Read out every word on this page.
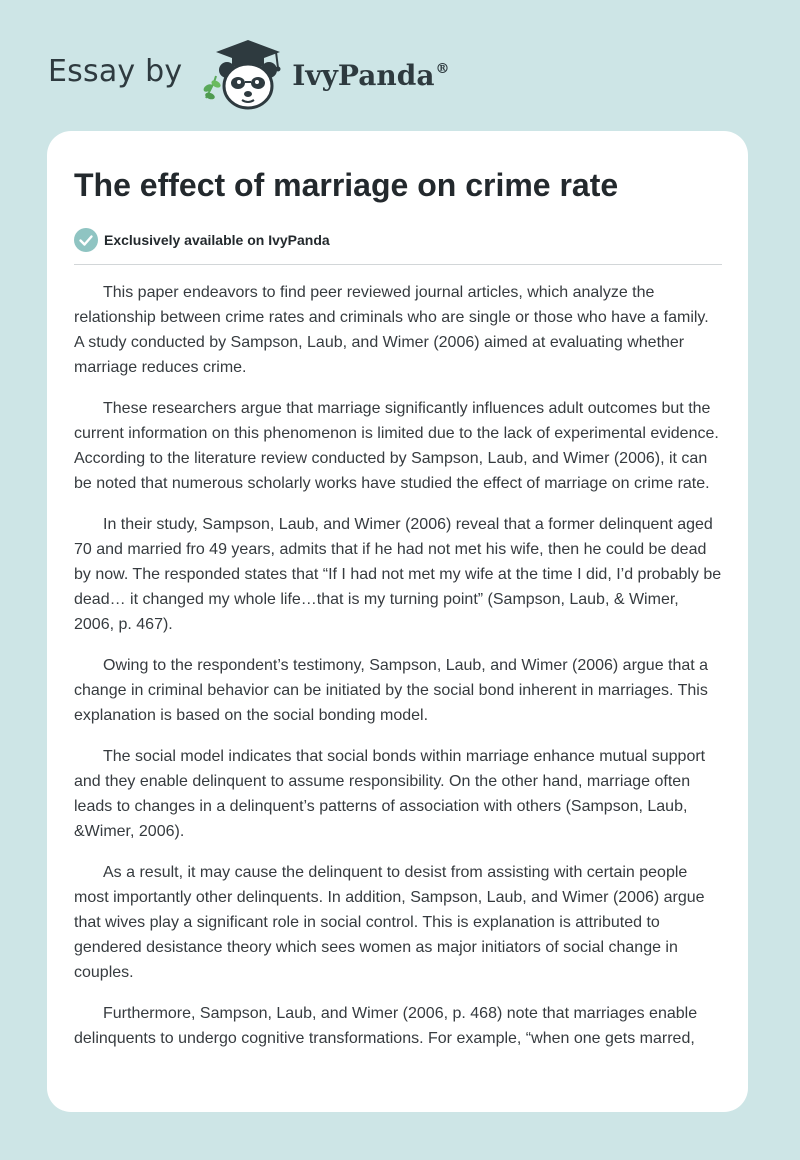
Essay by	IvyPanda®
The effect of marriage on crime rate
Exclusively available on IvyPanda

This paper endeavors to find peer reviewed journal articles, which analyze the relationship between crime rates and criminals who are single or those who have a family. A study conducted by Sampson, Laub, and Wimer (2006) aimed at evaluating whether marriage reduces crime.

These researchers argue that marriage significantly influences adult outcomes but the current information on this phenomenon is limited due to the lack of experimental evidence. According to the literature review conducted by Sampson, Laub, and Wimer (2006), it can be noted that numerous scholarly works have studied the effect of marriage on crime rate.

In their study, Sampson, Laub, and Wimer (2006) reveal that a former delinquent aged 70 and married fro 49 years, admits that if he had not met his wife, then he could be dead by now. The responded states that “If I had not met my wife at the time I did, I’d probably be dead… it changed my whole life…that is my turning point” (Sampson, Laub, & Wimer, 2006, p. 467).

Owing to the respondent’s testimony, Sampson, Laub, and Wimer (2006) argue that a change in criminal behavior can be initiated by the social bond inherent in marriages. This explanation is based on the social bonding model.

The social model indicates that social bonds within marriage enhance mutual support and they enable delinquent to assume responsibility. On the other hand, marriage often leads to changes in a delinquent’s patterns of association with others (Sampson, Laub, &Wimer, 2006).

As a result, it may cause the delinquent to desist from assisting with certain people most importantly other delinquents. In addition, Sampson, Laub, and Wimer (2006) argue that wives play a significant role in social control. This is explanation is attributed to gendered desistance theory which sees women as major initiators of social change in couples.

Furthermore, Sampson, Laub, and Wimer (2006, p. 468) note that marriages enable delinquents to undergo cognitive transformations. For example, “when one gets marred,
